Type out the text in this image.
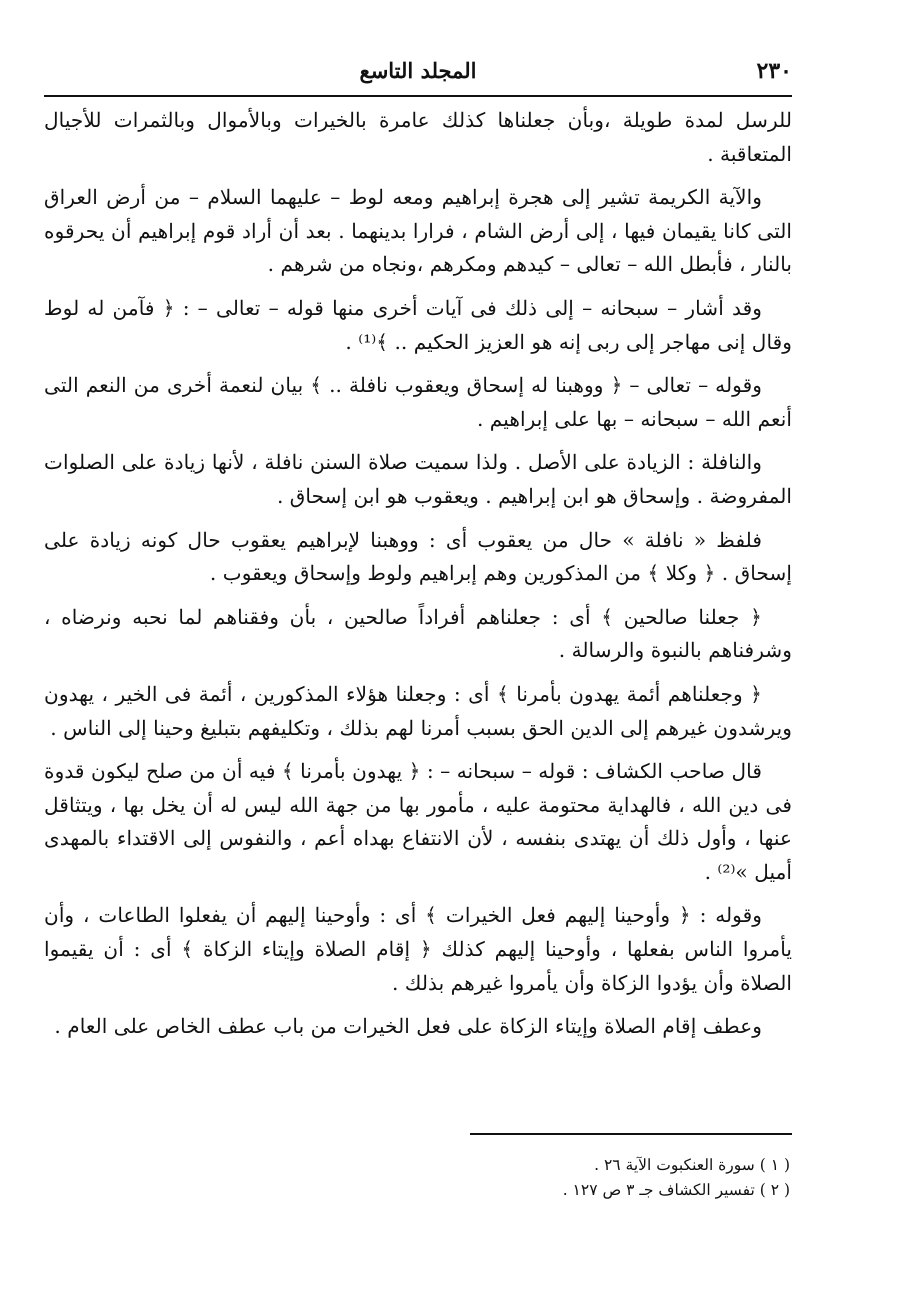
٢٣٠
المجلد التاسع

للرسل لمدة طويلة ،وبأن جعلناها كذلك عامرة بالخيرات وبالأموال وبالثمرات للأجيال المتعاقبة .

والآية الكريمة تشير إلى هجرة إبراهيم ومعه لوط – عليهما السلام – من أرض العراق التى كانا يقيمان فيها ، إلى أرض الشام ، فرارا بدينهما . بعد أن أراد قوم إبراهيم أن يحرقوه بالنار ، فأبطل الله – تعالى – كيدهم ومكرهم ،ونجاه من شرهم .

وقد أشار – سبحانه – إلى ذلك فى آيات أخرى منها قوله – تعالى – : ﴿ فآمن له لوط وقال إنى مهاجر إلى ربى إنه هو العزيز الحكيم .. ﴾⁽¹⁾ .

وقوله – تعالى – ﴿ ووهبنا له إسحاق ويعقوب نافلة .. ﴾ بيان لنعمة أخرى من النعم التى أنعم الله – سبحانه – بها على إبراهيم .

والنافلة : الزيادة على الأصل . ولذا سميت صلاة السنن نافلة ، لأنها زيادة على الصلوات المفروضة . وإسحاق هو ابن إبراهيم . ويعقوب هو ابن إسحاق .

فلفظ « نافلة » حال من يعقوب أى : ووهبنا لإبراهيم يعقوب حال كونه زيادة على إسحاق . ﴿ وكلا ﴾ من المذكورين وهم إبراهيم ولوط وإسحاق ويعقوب .

﴿ جعلنا صالحين ﴾ أى : جعلناهم أفراداً صالحين ، بأن وفقناهم لما نحبه ونرضاه ، وشرفناهم بالنبوة والرسالة .

﴿ وجعلناهم أئمة يهدون بأمرنا ﴾ أى : وجعلنا هؤلاء المذكورين ، أئمة فى الخير ، يهدون ويرشدون غيرهم إلى الدين الحق بسبب أمرنا لهم بذلك ، وتكليفهم بتبليغ وحينا إلى الناس .

قال صاحب الكشاف : قوله – سبحانه – : ﴿ يهدون بأمرنا ﴾ فيه أن من صلح ليكون قدوة فى دين الله ، فالهداية محتومة عليه ، مأمور بها من جهة الله ليس له أن يخل بها ، ويتثاقل عنها ، وأول ذلك أن يهتدى بنفسه ، لأن الانتفاع بهداه أعم ، والنفوس إلى الاقتداء بالمهدى أميل »⁽²⁾ .

وقوله : ﴿ وأوحينا إليهم فعل الخيرات ﴾ أى : وأوحينا إليهم أن يفعلوا الطاعات ، وأن يأمروا الناس بفعلها ، وأوحينا إليهم كذلك ﴿ إقام الصلاة وإيتاء الزكاة ﴾ أى : أن يقيموا الصلاة وأن يؤدوا الزكاة وأن يأمروا غيرهم بذلك .

وعطف إقام الصلاة وإيتاء الزكاة على فعل الخيرات من باب عطف الخاص على العام .

( ١ ) سورة العنكبوت الآية ٢٦ .

( ٢ ) تفسير الكشاف جـ ٣ ص ١٢٧ .
